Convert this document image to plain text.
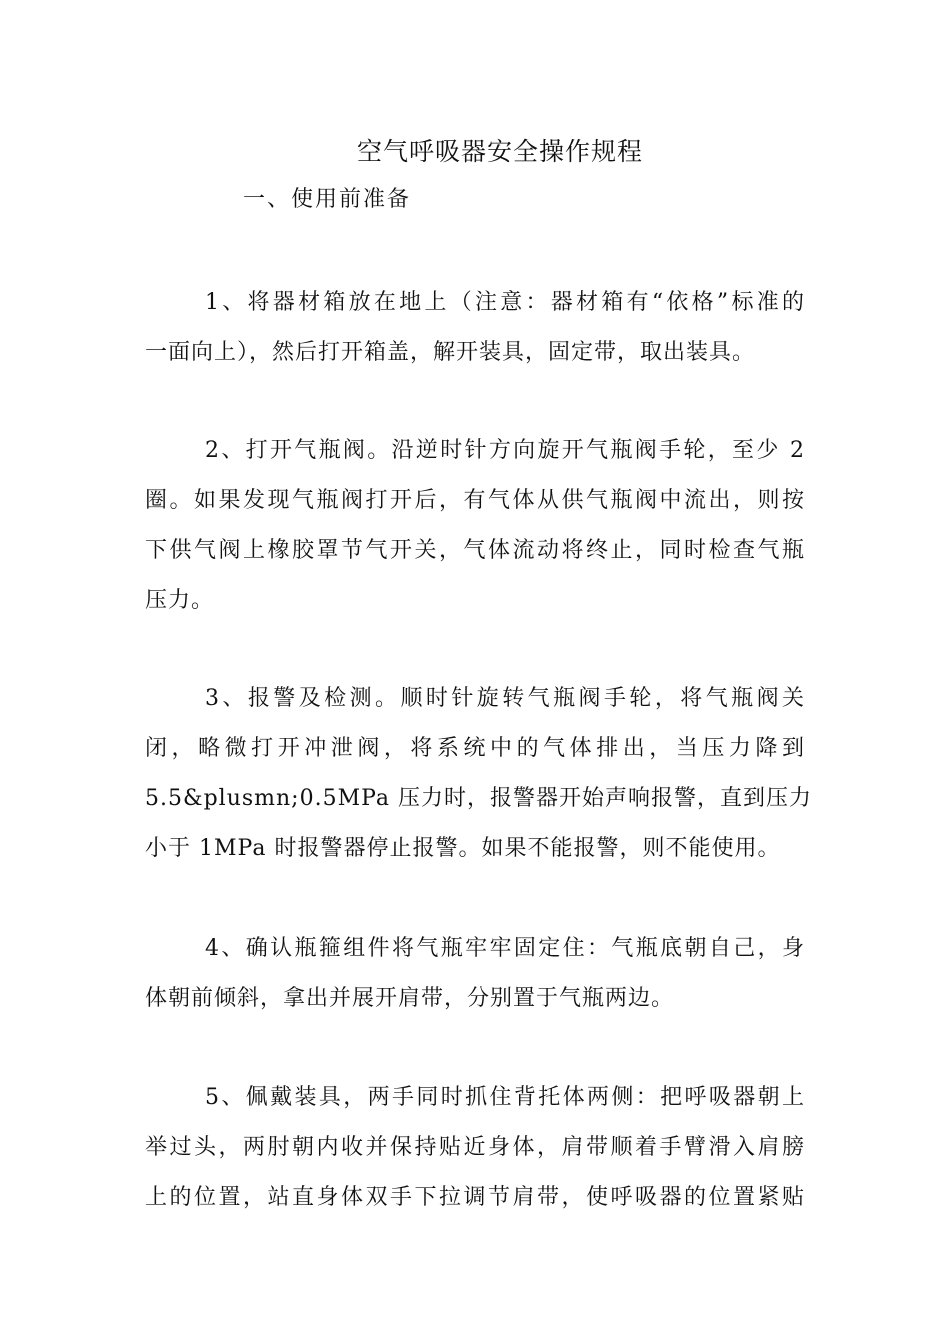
空气呼吸器安全操作规程
一、使用前准备
1、将器材箱放在地上（注意：器材箱有“依格”标准的
一面向上），然后打开箱盖，解开装具，固定带，取出装具。
2、打开气瓶阀。沿逆时针方向旋开气瓶阀手轮，至少 2
圈。如果发现气瓶阀打开后，有气体从供气瓶阀中流出，则按
下供气阀上橡胶罩节气开关，气体流动将终止，同时检查气瓶
压力。
3、报警及检测。顺时针旋转气瓶阀手轮，将气瓶阀关
闭，略微打开冲泄阀，将系统中的气体排出，当压力降到
5.5&plusmn;0.5MPa 压力时，报警器开始声响报警，直到压力
小于 1MPa 时报警器停止报警。如果不能报警，则不能使用。
4、确认瓶箍组件将气瓶牢牢固定住：气瓶底朝自己，身
体朝前倾斜，拿出并展开肩带，分别置于气瓶两边。
5、佩戴装具，两手同时抓住背托体两侧：把呼吸器朝上
举过头，两肘朝内收并保持贴近身体，肩带顺着手臂滑入肩膀
上的位置，站直身体双手下拉调节肩带，使呼吸器的位置紧贴
